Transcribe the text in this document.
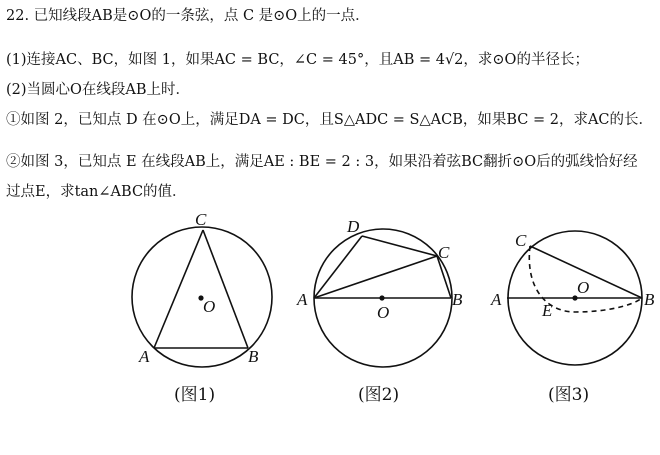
22. 已知线段AB是⊙O的一条弦，点 C 是⊙O上的一点．
(1)连接AC、BC，如图 1，如果AC = BC，∠C = 45°，且AB = 4√2，求⊙O的半径长；
(2)当圆心O在线段AB上时．
①如图 2，已知点 D 在⊙O上，满足DA = DC，且S△ADC = S△ACB，如果BC = 2，求AC的长．
②如图 3，已知点 E 在线段AB上，满足AE : BE = 2 : 3，如果沿着弦BC翻折⊙O后的弧线恰好经
过点E，求tan∠ABC的值．
C
O
A	B
D
C
A
O
B
C
A
O
E
B
(图1)	(图2)	(图3)
